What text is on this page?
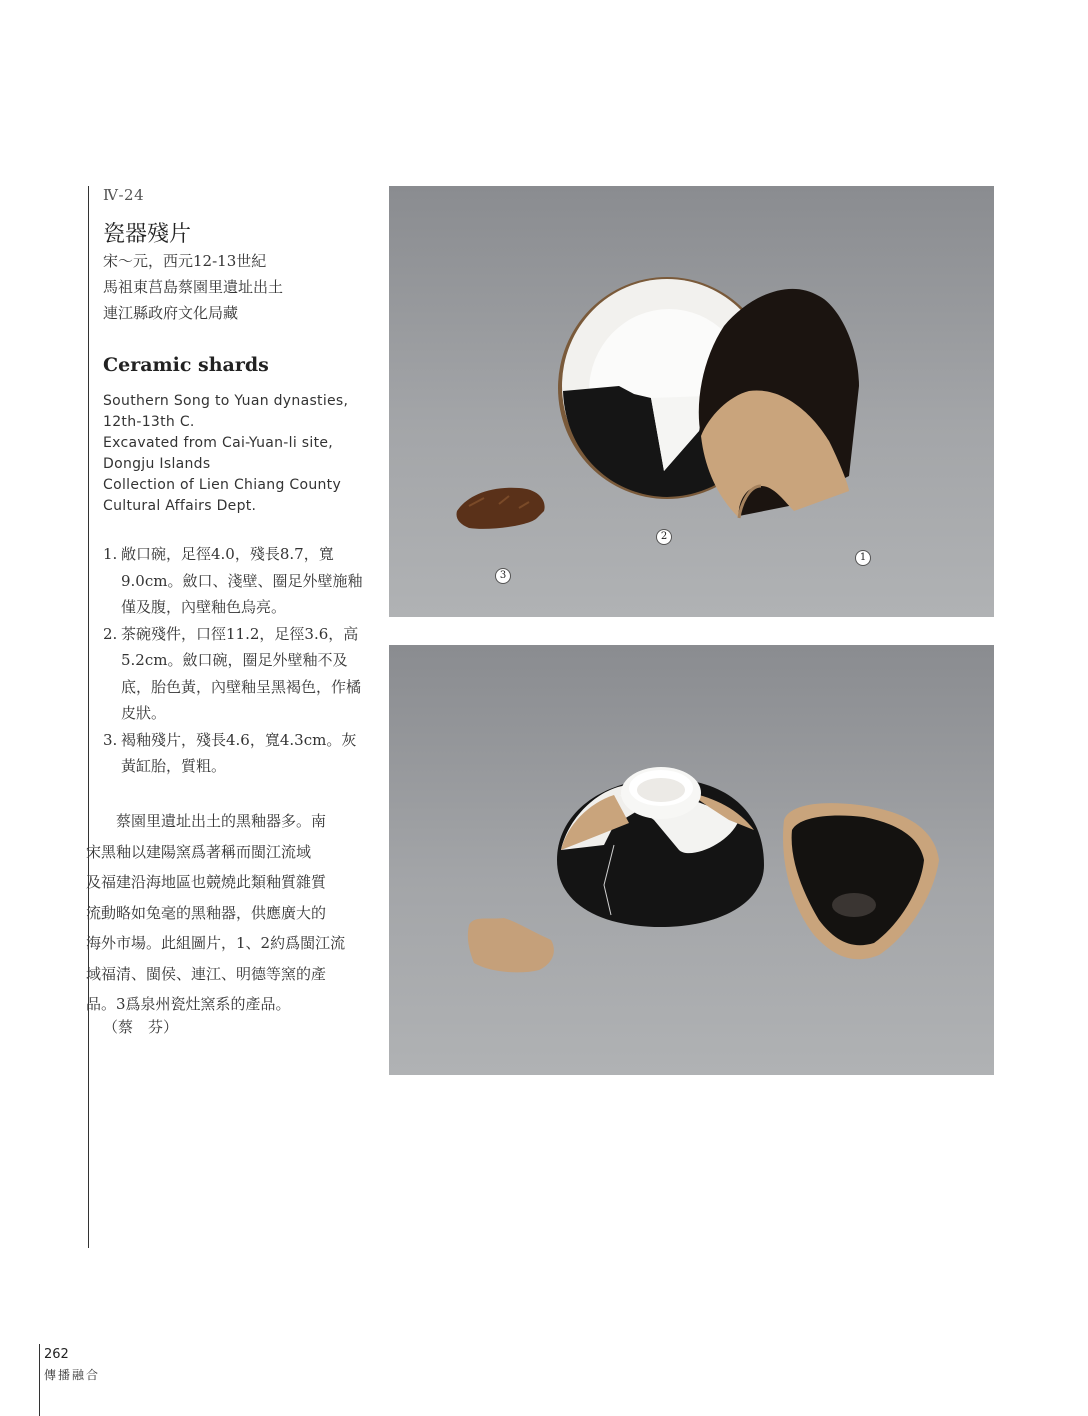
Ⅳ-24
瓷器殘片
宋～元，西元12-13世紀
馬祖東莒島蔡園里遺址出土
連江縣政府文化局藏
Ceramic shards
Southern Song to Yuan dynasties,
12th-13th C.
Excavated from Cai-Yuan-li site,
Dongju Islands
Collection of Lien Chiang County
Cultural Affairs Dept.
1. 敞口碗，足徑4.0，殘長8.7，寬9.0cm。斂口、淺壁、圈足外壁施釉僅及腹，內壁釉色烏亮。
2. 茶碗殘件，口徑11.2，足徑3.6，高5.2cm。斂口碗，圈足外壁釉不及底，胎色黃，內壁釉呈黑褐色，作橘皮狀。
3. 褐釉殘片，殘長4.6，寬4.3cm。灰黃缸胎，質粗。
　　蔡園里遺址出土的黑釉器多。南
宋黑釉以建陽窯爲著稱而閩江流域
及福建沿海地區也競燒此類釉質雜質
流動略如兔毫的黑釉器，供應廣大的
海外市場。此組圖片，1、2約爲閩江流
域福清、閩侯、連江、明德等窯的產
品。3爲泉州瓷灶窯系的產品。
（蔡　芬）
1
2
3
262
傳播融合
